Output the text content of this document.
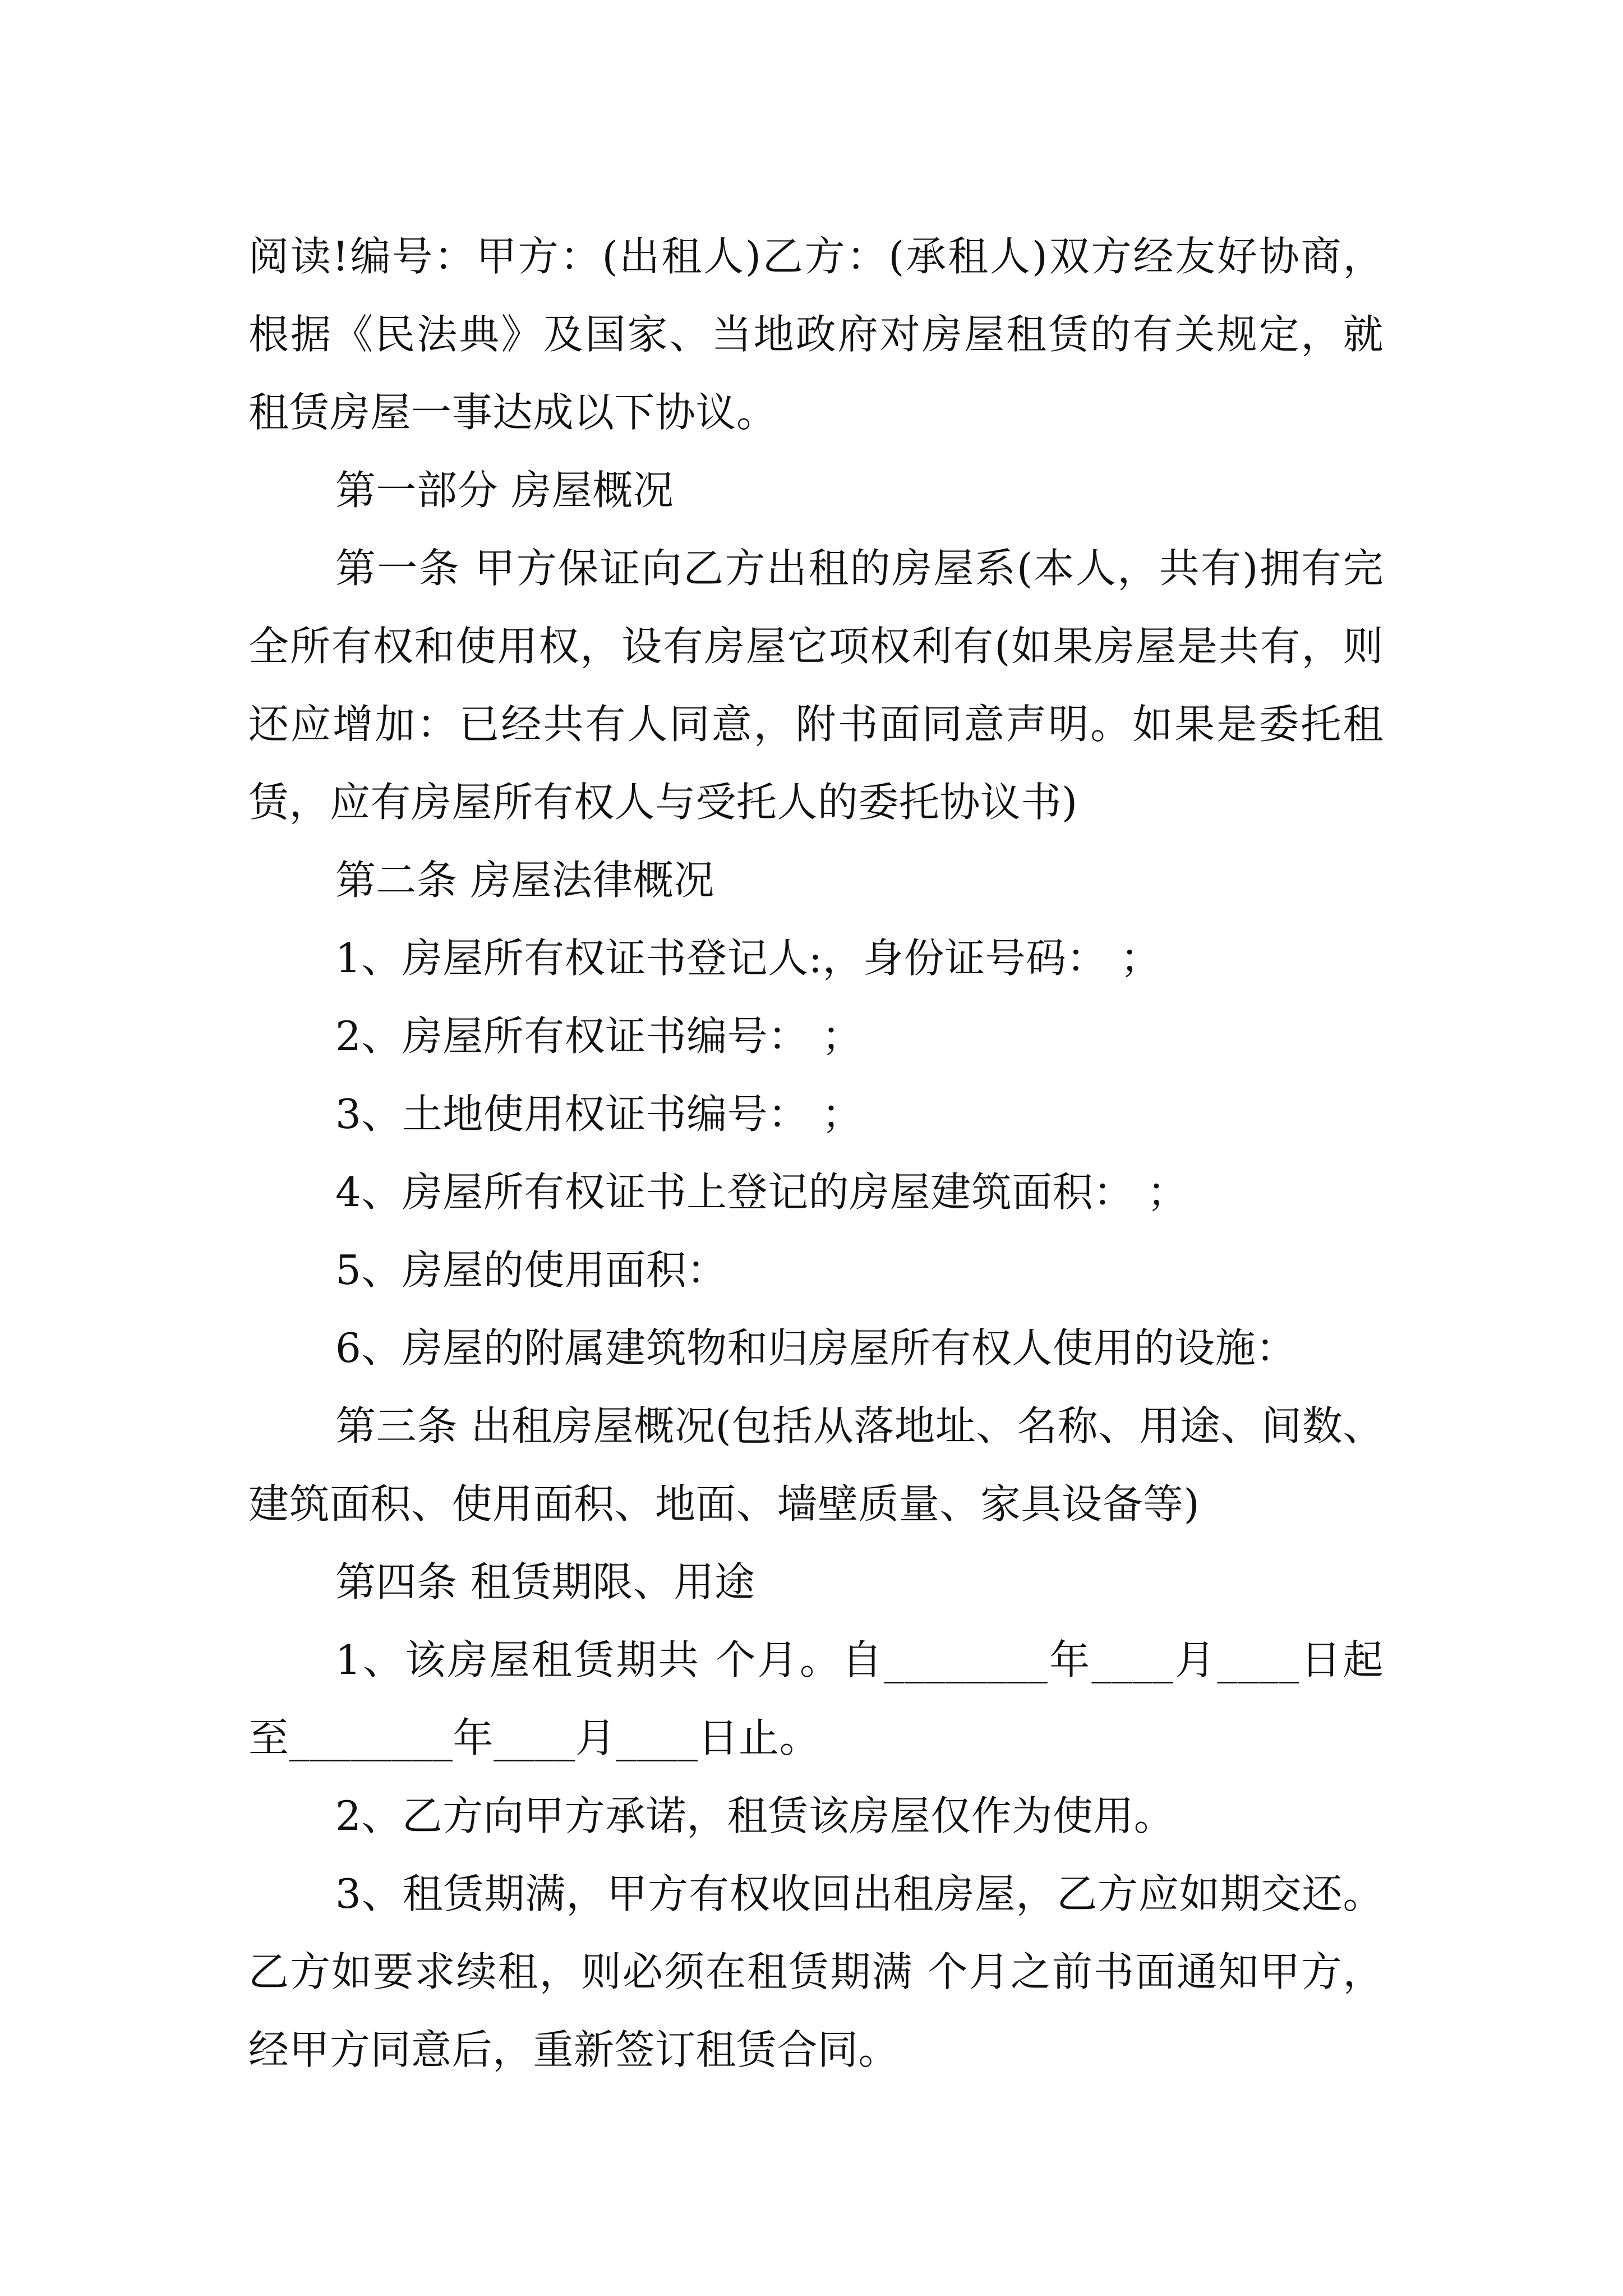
阅读!编号：甲方：(出租人)乙方：(承租人)双方经友好协商，根据《民法典》及国家、当地政府对房屋租赁的有关规定，就租赁房屋一事达成以下协议。

第一部分 房屋概况

第一条 甲方保证向乙方出租的房屋系(本人，共有)拥有完全所有权和使用权，设有房屋它项权利有(如果房屋是共有，则还应增加：已经共有人同意，附书面同意声明。如果是委托租赁，应有房屋所有权人与受托人的委托协议书)

第二条 房屋法律概况

1、房屋所有权证书登记人:，身份证号码： ；

2、房屋所有权证书编号： ；

3、土地使用权证书编号： ；

4、房屋所有权证书上登记的房屋建筑面积： ；

5、房屋的使用面积：

6、房屋的附属建筑物和归房屋所有权人使用的设施：

第三条 出租房屋概况(包括从落地址、名称、用途、间数、建筑面积、使用面积、地面、墙壁质量、家具设备等)

第四条 租赁期限、用途

1、该房屋租赁期共 个月。自________年____月____日起至________年____月____日止。

2、乙方向甲方承诺，租赁该房屋仅作为使用。

3、租赁期满，甲方有权收回出租房屋，乙方应如期交还。乙方如要求续租，则必须在租赁期满 个月之前书面通知甲方，经甲方同意后，重新签订租赁合同。
